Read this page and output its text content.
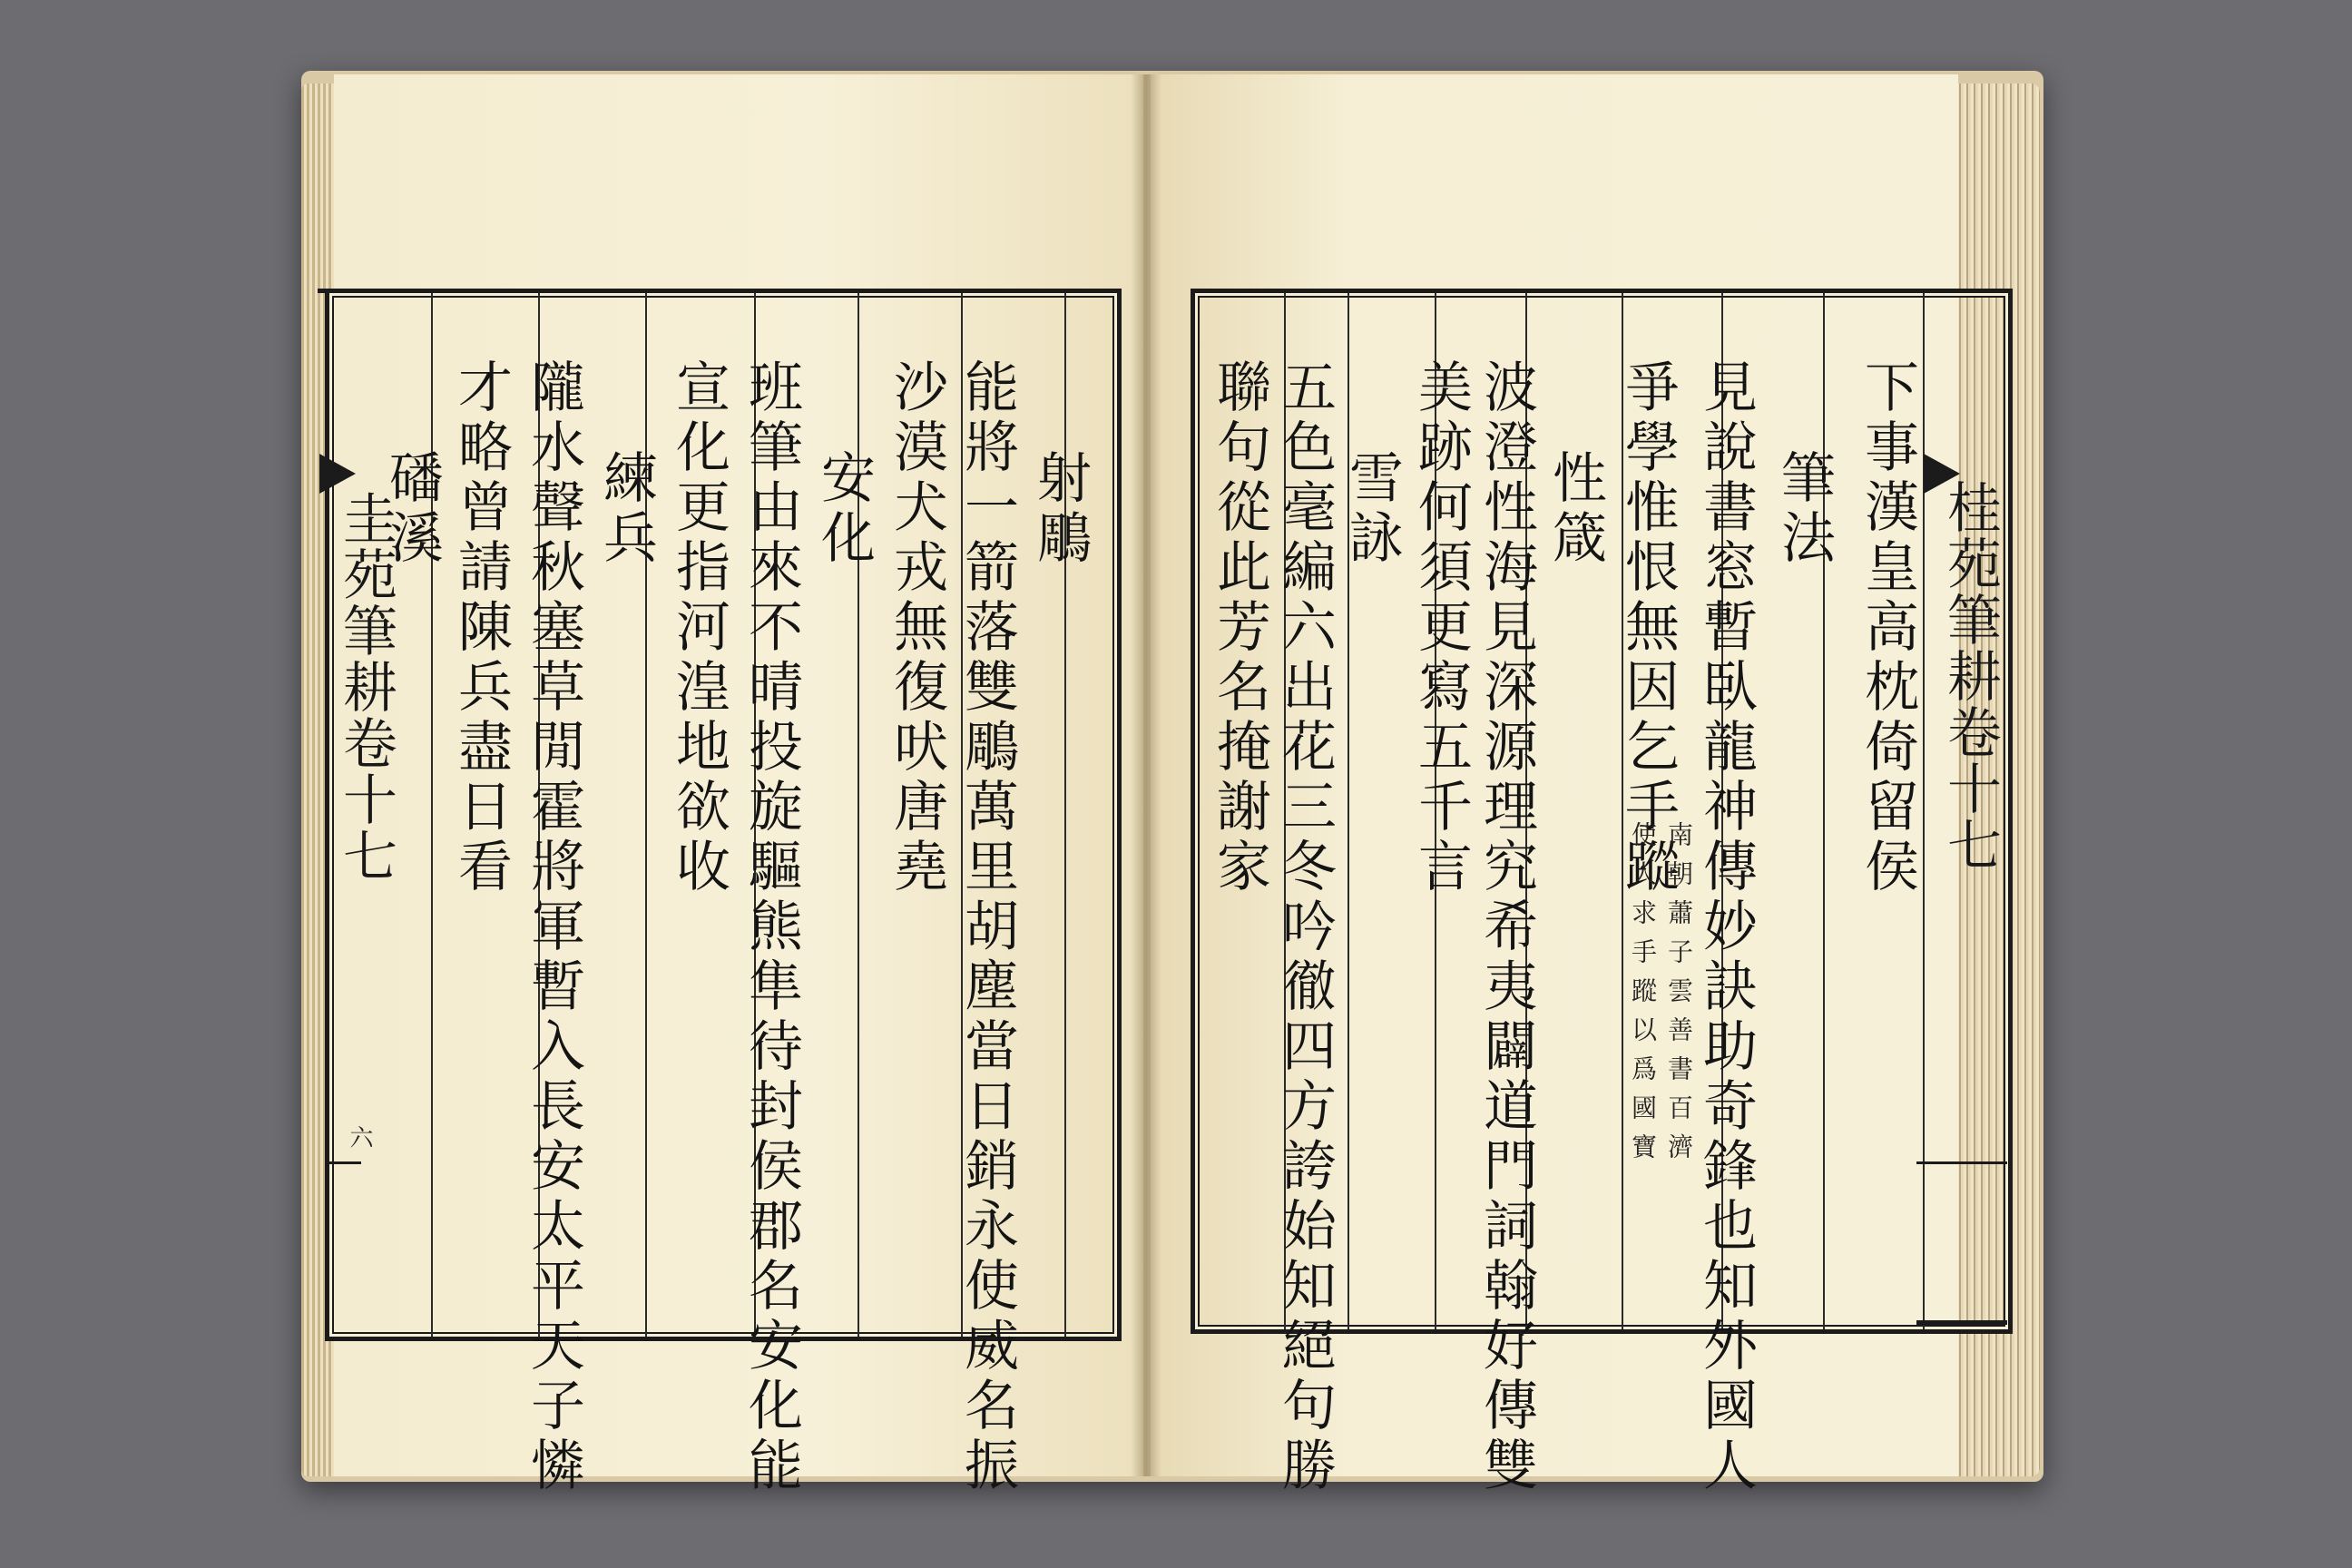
射鵰
能將一箭落雙鵰萬里胡塵當日銷永使威名振
沙漠犬戎無復吠唐堯
安化
班筆由來不晴投旋驅熊隼待封侯郡名安化能
宣化更指河湟地欲收
練兵
隴水聲秋塞草閒霍將軍暫入長安太平天子憐
才略曾請陳兵盡日看
磻溪
圭苑筆耕卷十七
六
下事漢皇高枕倚留侯
筆法
見說書窓暫臥龍神傳妙訣助奇鋒也知外國人
爭學惟恨無因乞手蹤
南朝蕭子雲善書百濟
使人求手蹤以爲國寶
性箴
波澄性海見深源理究希夷闢道門詞翰好傳雙
美跡何須更寫五千言
雪詠
五色毫編六出花三冬吟徹四方誇始知絕句勝
聯句從此芳名掩謝家	桂苑筆耕卷十七
